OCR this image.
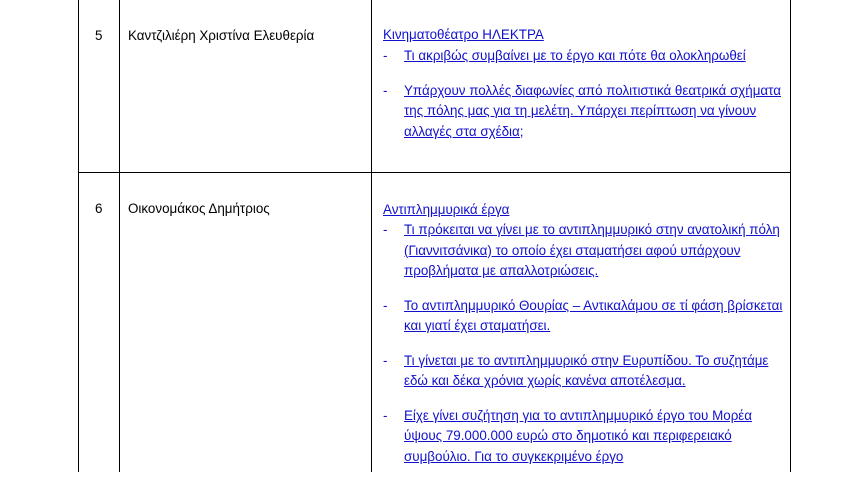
5 Καντζιλιέρη Χριστίνα Ελευθερία	Κινηματοθέατρο ΗΛΕΚΤΡΑ
-	Τι ακριβώς συμβαίνει με το έργο και πότε θα ολοκληρωθεί
-	Υπάρχουν πολλές διαφωνίες από πολιτιστικά θεατρικά σχήματα της πόλης μας για τη μελέτη. Υπάρχει περίπτωση να γίνουν αλλαγές στα σχέδια;
6 Οικονομάκος Δημήτριος	Αντιπλημμυρικά έργα
-	Τι πρόκειται να γίνει με το αντιπλημμυρικό στην ανατολική πόλη (Γιαννιτσάνικα) το οποίο έχει σταματήσει αφού υπάρχουν προβλήματα με απαλλοτριώσεις.
-	Το αντιπλημμυρικό Θουρίας – Αντικαλάμου σε τί φάση βρίσκεται και γιατί έχει σταματήσει.
-	Τι γίνεται με το αντιπλημμυρικό στην Ευρυπίδου. Το συζητάμε εδώ και δέκα χρόνια χωρίς κανένα αποτέλεσμα.
-	Είχε γίνει συζήτηση για το αντιπλημμυρικό έργο του Μορέα ύψους 79.000.000 ευρώ στο δημοτικό και περιφερειακό συμβούλιο. Για το συγκεκριμένο έργο
